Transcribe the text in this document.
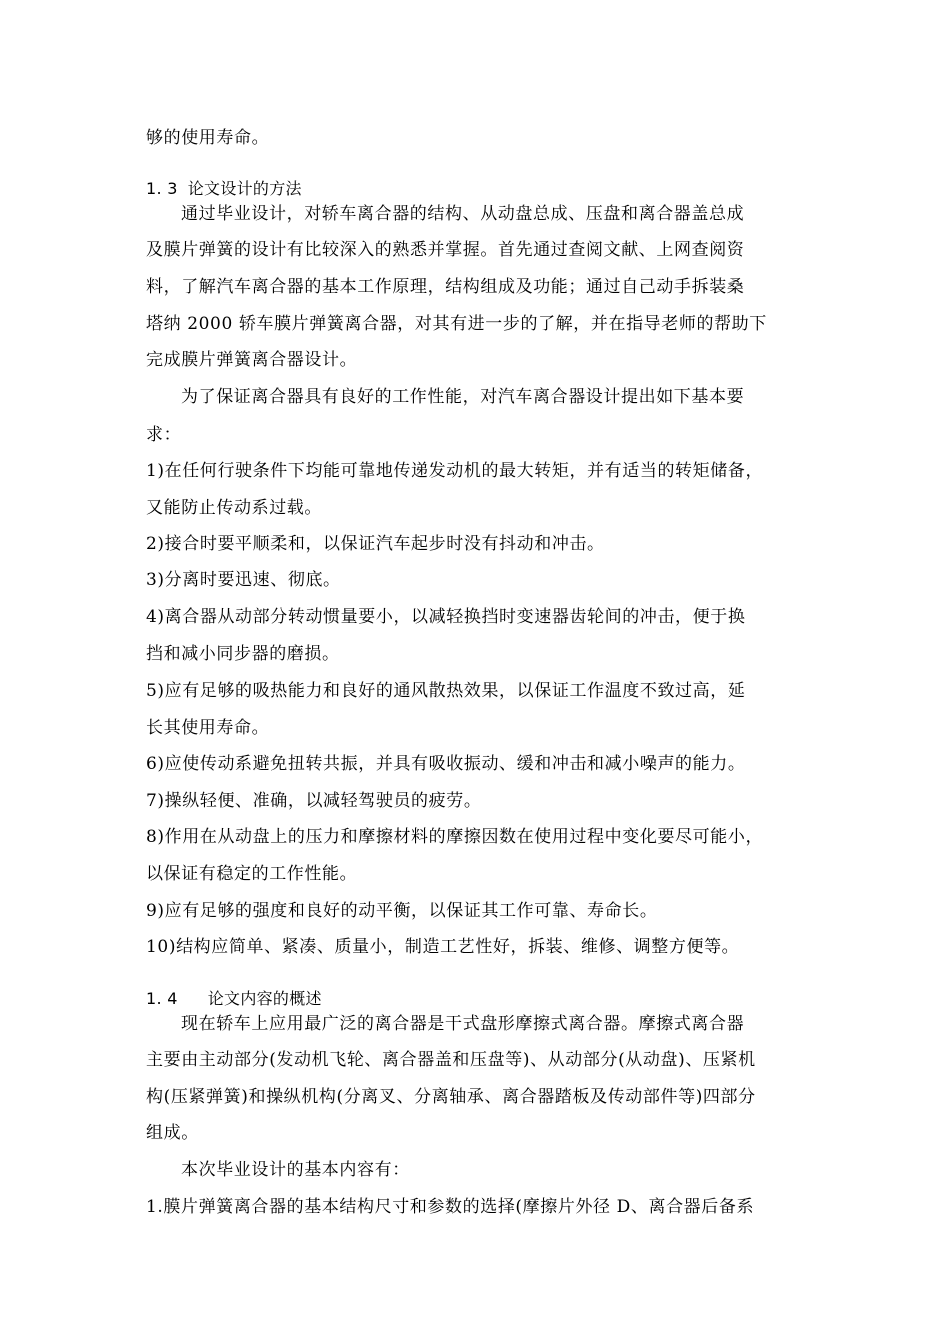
够的使用寿命。
1. 3 论文设计的方法
通过毕业设计，对轿车离合器的结构、从动盘总成、压盘和离合器盖总成
及膜片弹簧的设计有比较深入的熟悉并掌握。首先通过查阅文献、上网查阅资
料，了解汽车离合器的基本工作原理，结构组成及功能；通过自己动手拆装桑
塔纳 2000 轿车膜片弹簧离合器，对其有进一步的了解，并在指导老师的帮助下
完成膜片弹簧离合器设计。
为了保证离合器具有良好的工作性能，对汽车离合器设计提出如下基本要
求：
1)在任何行驶条件下均能可靠地传递发动机的最大转矩，并有适当的转矩储备，
又能防止传动系过载。
2)接合时要平顺柔和，以保证汽车起步时没有抖动和冲击。
3)分离时要迅速、彻底。
4)离合器从动部分转动惯量要小，以减轻换挡时变速器齿轮间的冲击，便于换
挡和减小同步器的磨损。
5)应有足够的吸热能力和良好的通风散热效果，以保证工作温度不致过高，延
长其使用寿命。
6)应使传动系避免扭转共振，并具有吸收振动、缓和冲击和减小噪声的能力。
7)操纵轻便、准确，以减轻驾驶员的疲劳。
8)作用在从动盘上的压力和摩擦材料的摩擦因数在使用过程中变化要尽可能小，
以保证有稳定的工作性能。
9)应有足够的强度和良好的动平衡，以保证其工作可靠、寿命长。
10)结构应简单、紧凑、质量小，制造工艺性好，拆装、维修、调整方便等。
1. 4 论文内容的概述
现在轿车上应用最广泛的离合器是干式盘形摩擦式离合器。摩擦式离合器
主要由主动部分(发动机飞轮、离合器盖和压盘等)、从动部分(从动盘)、压紧机
构(压紧弹簧)和操纵机构(分离叉、分离轴承、离合器踏板及传动部件等)四部分
组成。
本次毕业设计的基本内容有：
1.膜片弹簧离合器的基本结构尺寸和参数的选择(摩擦片外径 D、离合器后备系
